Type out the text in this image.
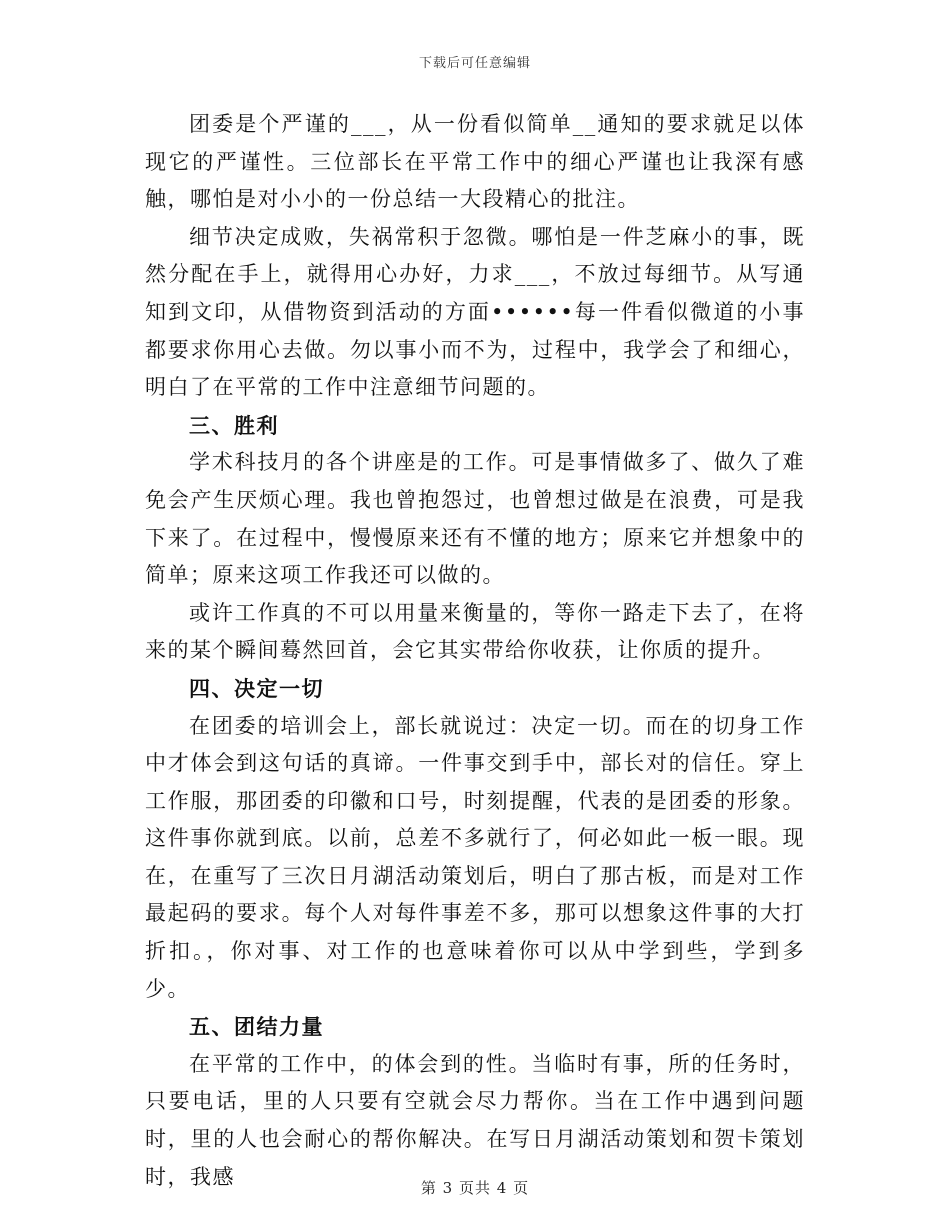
下载后可任意编辑

团委是个严谨的___，从一份看似简单__通知的要求就足以体现它的严谨性。三位部长在平常工作中的细心严谨也让我深有感触，哪怕是对小小的一份总结一大段精心的批注。

细节决定成败，失祸常积于忽微。哪怕是一件芝麻小的事，既然分配在手上，就得用心办好，力求___，不放过每细节。从写通知到文印，从借物资到活动的方面••••••每一件看似微道的小事都要求你用心去做。勿以事小而不为，过程中，我学会了和细心，明白了在平常的工作中注意细节问题的。

三、胜利

学术科技月的各个讲座是的工作。可是事情做多了、做久了难免会产生厌烦心理。我也曾抱怨过，也曾想过做是在浪费，可是我下来了。在过程中，慢慢原来还有不懂的地方；原来它并想象中的简单；原来这项工作我还可以做的。

或许工作真的不可以用量来衡量的，等你一路走下去了，在将来的某个瞬间蓦然回首，会它其实带给你收获，让你质的提升。

四、决定一切

在团委的培训会上，部长就说过：决定一切。而在的切身工作中才体会到这句话的真谛。一件事交到手中，部长对的信任。穿上工作服，那团委的印徽和口号，时刻提醒，代表的是团委的形象。这件事你就到底。以前，总差不多就行了，何必如此一板一眼。现在，在重写了三次日月湖活动策划后，明白了那古板，而是对工作最起码的要求。每个人对每件事差不多，那可以想象这件事的大打折扣。，你对事、对工作的也意味着你可以从中学到些，学到多少。

五、团结力量

在平常的工作中，的体会到的性。当临时有事，所的任务时，只要电话，里的人只要有空就会尽力帮你。当在工作中遇到问题时，里的人也会耐心的帮你解决。在写日月湖活动策划和贺卡策划时，我感	第 3 页共 4 页
